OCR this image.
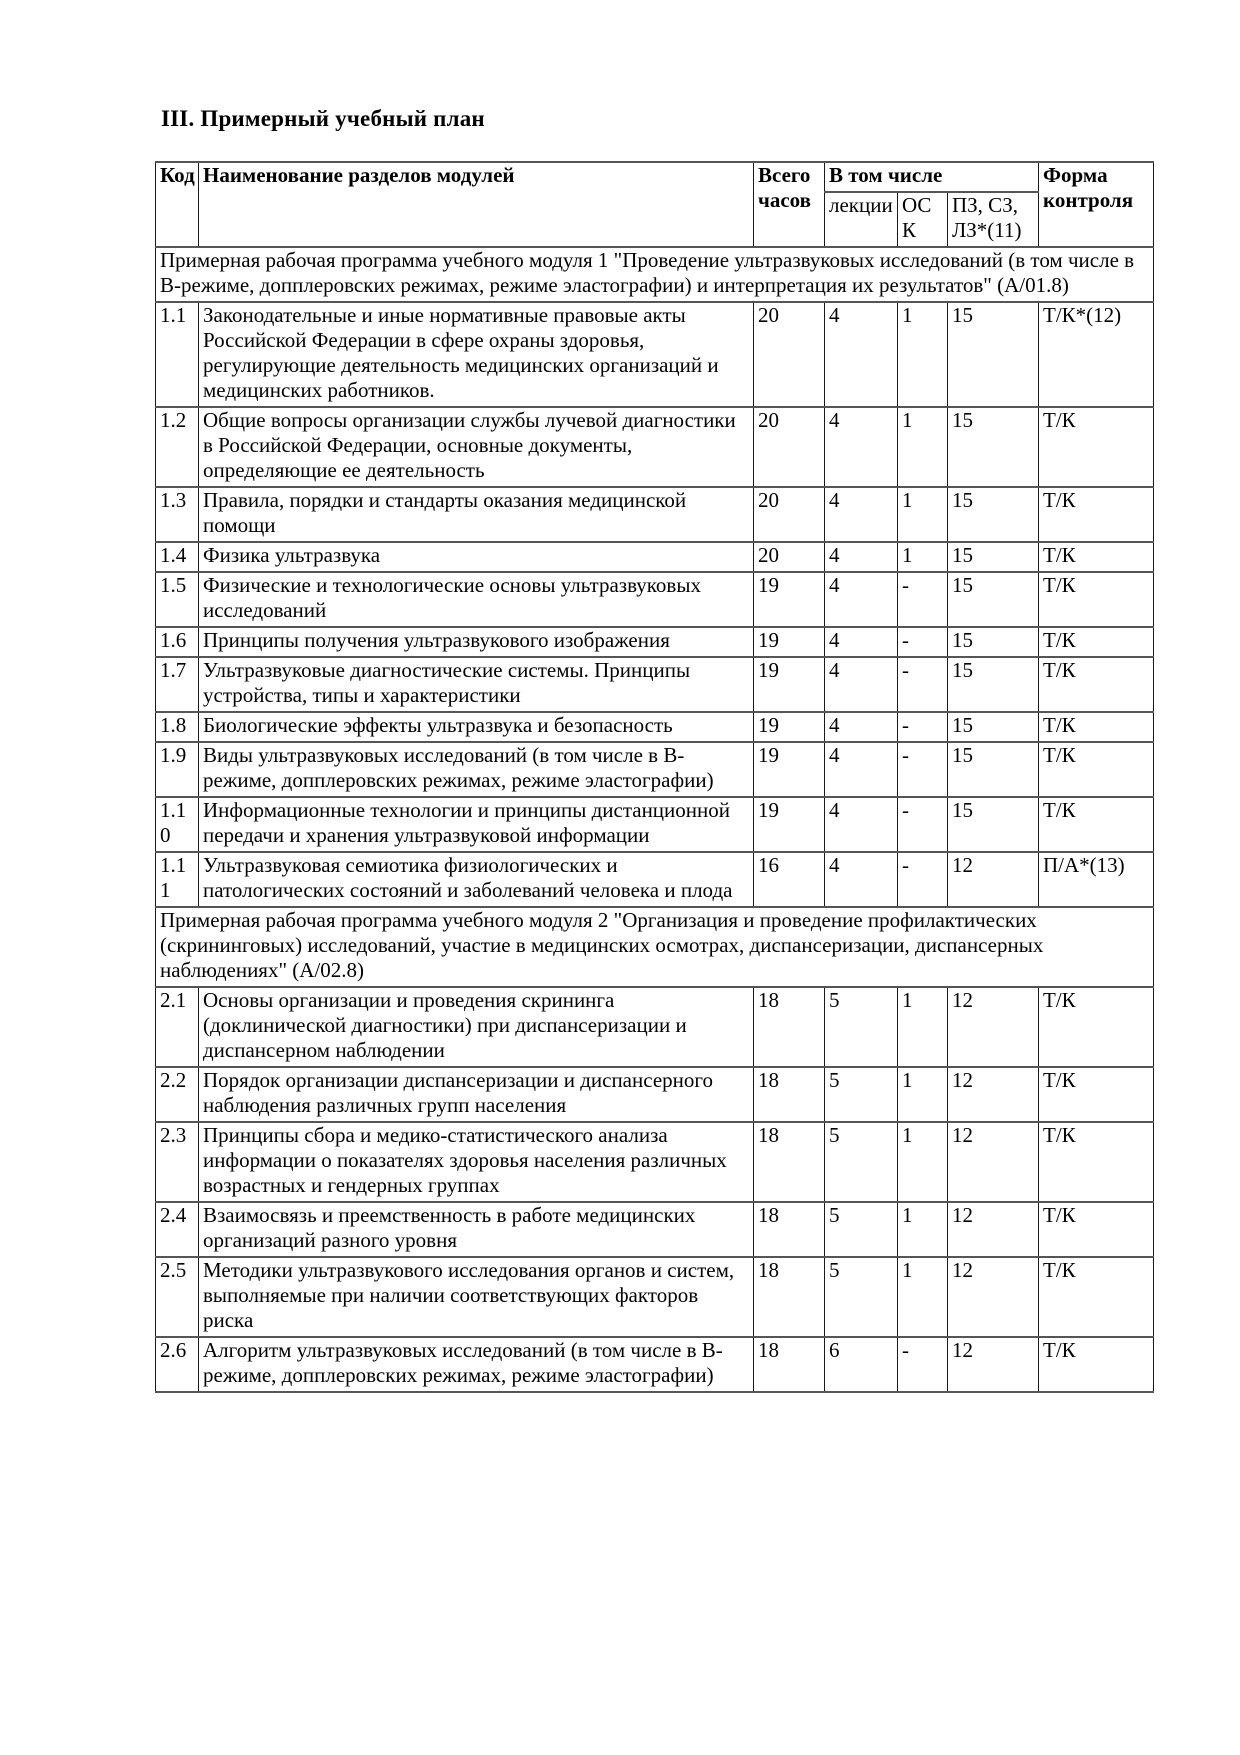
III. Примерный учебный план
Код	Наименование разделов модулей	Всего часов	В том числе			Форма контроля
			лекции	ОСК	ПЗ, СЗ, ЛЗ*(11)	
Примерная рабочая программа учебного модуля 1 "Проведение ультразвуковых исследований (в том числе в В-режиме, допплеровских режимах, режиме эластографии) и интерпретация их результатов" (А/01.8)						
1.1	Законодательные и иные нормативные правовые акты Российской Федерации в сфере охраны здоровья, регулирующие деятельность медицинских организаций и медицинских работников.	20	4	1	15	Т/К*(12)
1.2	Общие вопросы организации службы лучевой диагностики в Российской Федерации, основные документы, определяющие ее деятельность	20	4	1	15	Т/К
1.3	Правила, порядки и стандарты оказания медицинской помощи	20	4	1	15	Т/К
1.4	Физика ультразвука	20	4	1	15	Т/К
1.5	Физические и технологические основы ультразвуковых исследований	19	4	-	15	Т/К
1.6	Принципы получения ультразвукового изображения	19	4	-	15	Т/К
1.7	Ультразвуковые диагностические системы. Принципы устройства, типы и характеристики	19	4	-	15	Т/К
1.8	Биологические эффекты ультразвука и безопасность	19	4	-	15	Т/К
1.9	Виды ультразвуковых исследований (в том числе в В-режиме, допплеровских режимах, режиме эластографии)	19	4	-	15	Т/К
1.10	Информационные технологии и принципы дистанционной передачи и хранения ультразвуковой информации	19	4	-	15	Т/К
1.11	Ультразвуковая семиотика физиологических и патологических состояний и заболеваний человека и плода	16	4	-	12	П/А*(13)
Примерная рабочая программа учебного модуля 2 "Организация и проведение профилактических (скрининговых) исследований, участие в медицинских осмотрах, диспансеризации, диспансерных наблюдениях" (А/02.8)						
2.1	Основы организации и проведения скрининга (доклинической диагностики) при диспансеризации и диспансерном наблюдении	18	5	1	12	Т/К
2.2	Порядок организации диспансеризации и диспансерного наблюдения различных групп населения	18	5	1	12	Т/К
2.3	Принципы сбора и медико-статистического анализа информации о показателях здоровья населения различных возрастных и гендерных группах	18	5	1	12	Т/К
2.4	Взаимосвязь и преемственность в работе медицинских организаций разного уровня	18	5	1	12	Т/К
2.5	Методики ультразвукового исследования органов и систем, выполняемые при наличии соответствующих факторов риска	18	5	1	12	Т/К
2.6	Алгоритм ультразвуковых исследований (в том числе в В-режиме, допплеровских режимах, режиме эластографии)	18	6	-	12	Т/К
